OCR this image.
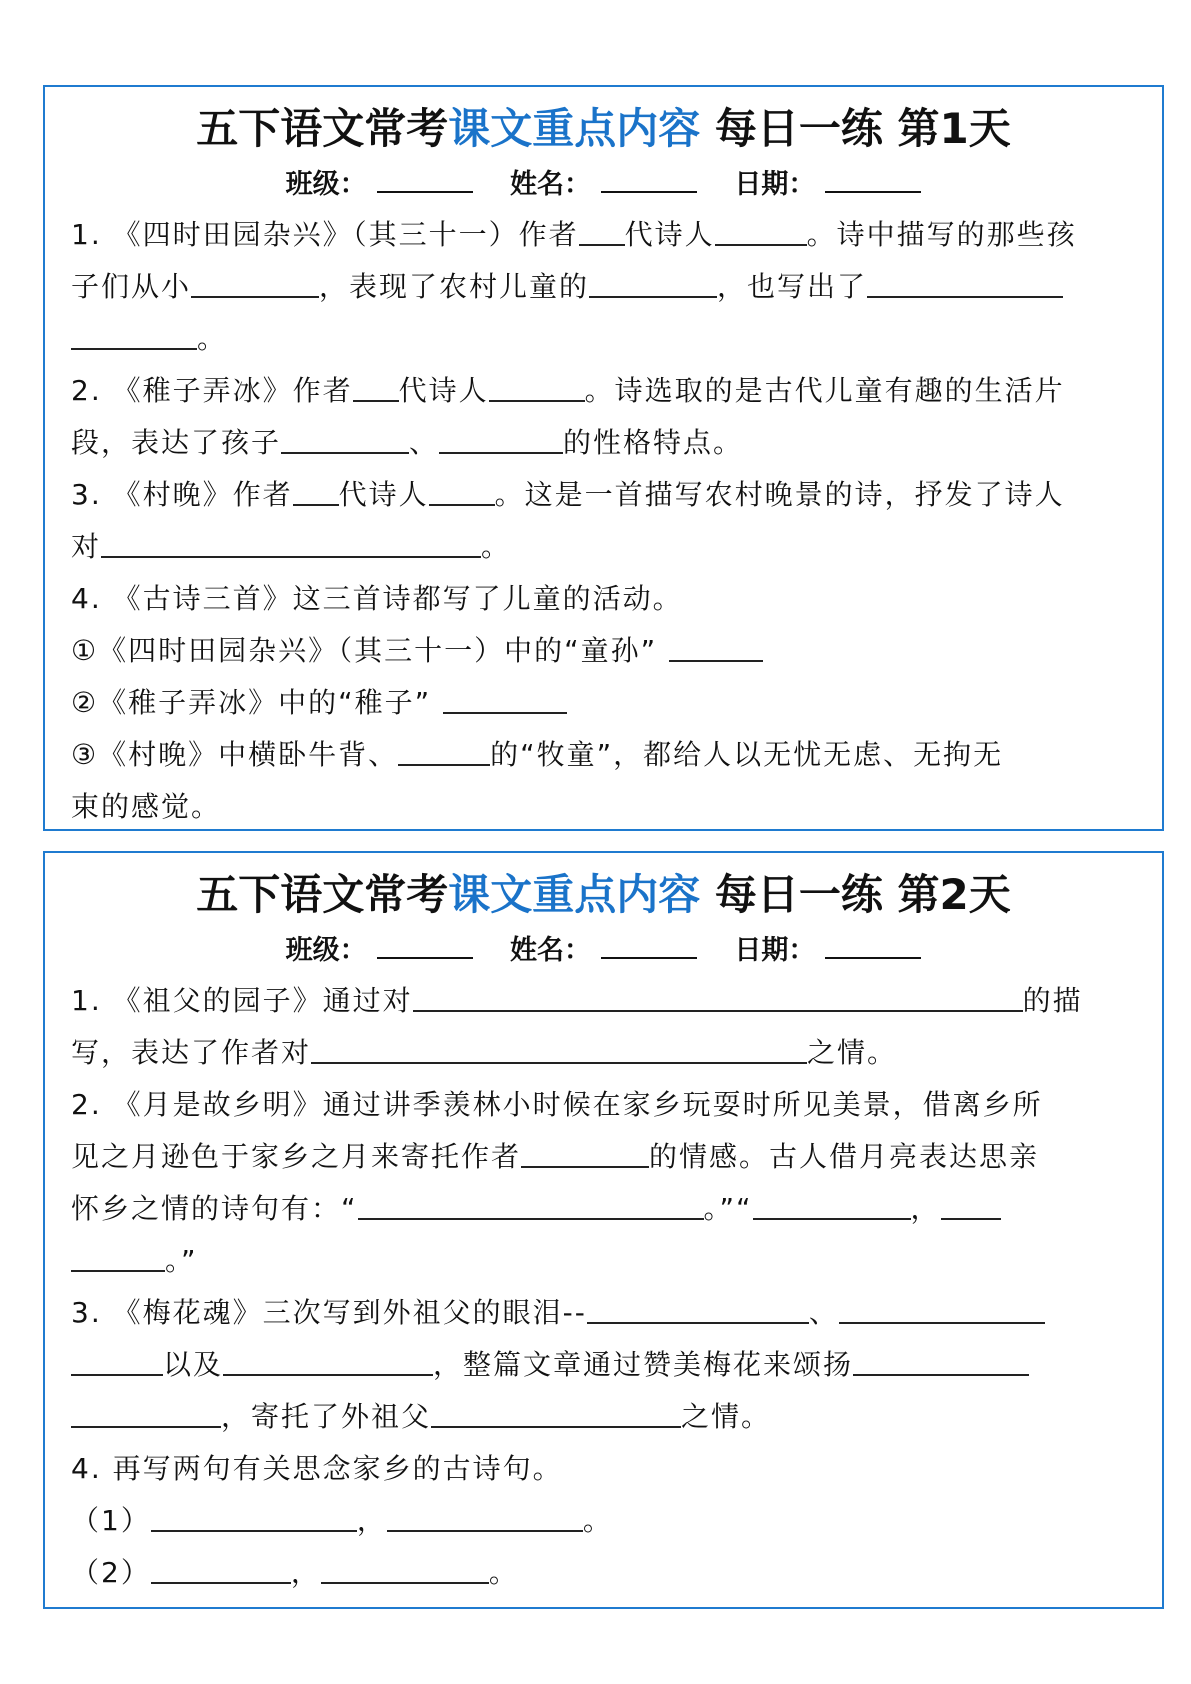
五下语文常考课文重点内容 每日一练 第1天
班级：	姓名：	日期：
1. 《四时田园杂兴》（其三十一）作者 代诗人	。诗中描写的那些孩
子们从小	，表现了农村儿童的	，也写出了
。
2. 《稚子弄冰》作者 代诗人	。诗选取的是古代儿童有趣的生活片
段，表达了孩子	、	的性格特点。
3. 《村晚》作者 代诗人 。这是一首描写农村晚景的诗，抒发了诗人
对	。
4. 《古诗三首》这三首诗都写了儿童的活动。
①《四时田园杂兴》（其三十一）中的“童孙”
②《稚子弄冰》中的“稚子”
③《村晚》中横卧牛背、	的“牧童”，都给人以无忧无虑、无拘无
束的感觉。
五下语文常考课文重点内容 每日一练 第2天
班级：	姓名：	日期：
1. 《祖父的园子》通过对	的描
写，表达了作者对	之情。
2. 《月是故乡明》通过讲季羡林小时候在家乡玩耍时所见美景，借离乡所
见之月逊色于家乡之月来寄托作者	的情感。古人借月亮表达思亲
怀乡之情的诗句有：“	。”“	，
。”
3. 《梅花魂》三次写到外祖父的眼泪--	、
以及	，整篇文章通过赞美梅花来颂扬
，寄托了外祖父	之情。
4. 再写两句有关思念家乡的古诗句。
（1）	，	。
（2）	，	。
